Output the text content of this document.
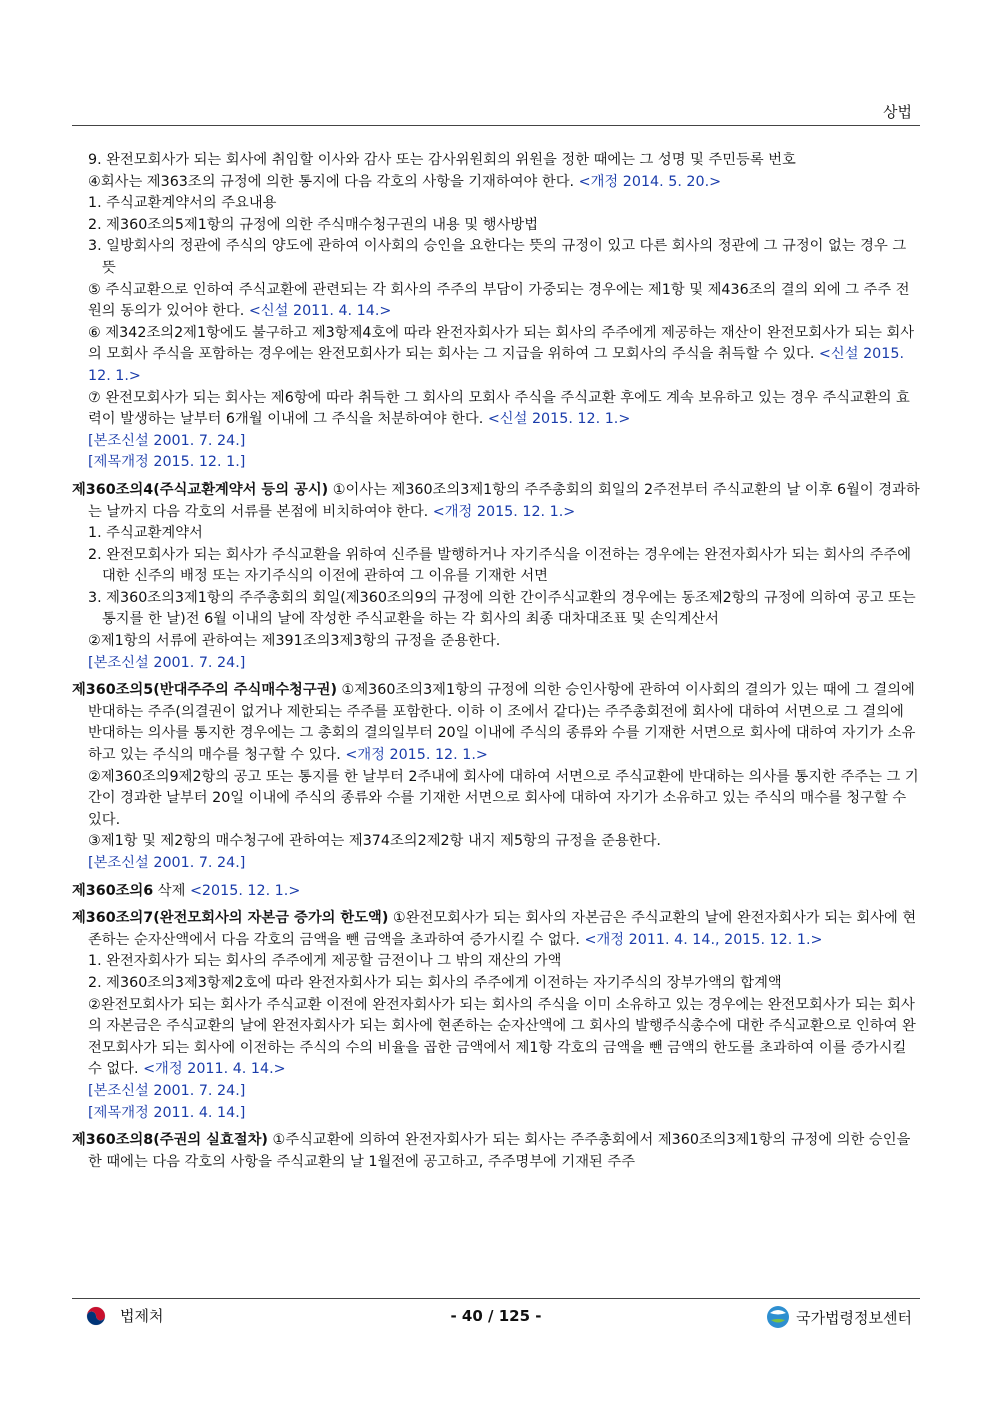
상법

9. 완전모회사가 되는 회사에 취임할 이사와 감사 또는 감사위원회의 위원을 정한 때에는 그 성명 및 주민등록 번호

④회사는 제363조의 규정에 의한 통지에 다음 각호의 사항을 기재하여야 한다. <개정 2014. 5. 20.>

1. 주식교환계약서의 주요내용

2. 제360조의5제1항의 규정에 의한 주식매수청구권의 내용 및 행사방법

3. 일방회사의 정관에 주식의 양도에 관하여 이사회의 승인을 요한다는 뜻의 규정이 있고 다른 회사의 정관에 그 규정이 없는 경우 그 뜻

⑤ 주식교환으로 인하여 주식교환에 관련되는 각 회사의 주주의 부담이 가중되는 경우에는 제1항 및 제436조의 결의 외에 그 주주 전원의 동의가 있어야 한다. <신설 2011. 4. 14.>

⑥ 제342조의2제1항에도 불구하고 제3항제4호에 따라 완전자회사가 되는 회사의 주주에게 제공하는 재산이 완전모회사가 되는 회사의 모회사 주식을 포함하는 경우에는 완전모회사가 되는 회사는 그 지급을 위하여 그 모회사의 주식을 취득할 수 있다. <신설 2015. 12. 1.>

⑦ 완전모회사가 되는 회사는 제6항에 따라 취득한 그 회사의 모회사 주식을 주식교환 후에도 계속 보유하고 있는 경우 주식교환의 효력이 발생하는 날부터 6개월 이내에 그 주식을 처분하여야 한다. <신설 2015. 12. 1.>

[본조신설 2001. 7. 24.]

[제목개정 2015. 12. 1.]

제360조의4(주식교환계약서 등의 공시) ①이사는 제360조의3제1항의 주주총회의 회일의 2주전부터 주식교환의 날 이후 6월이 경과하는 날까지 다음 각호의 서류를 본점에 비치하여야 한다. <개정 2015. 12. 1.>

1. 주식교환계약서

2. 완전모회사가 되는 회사가 주식교환을 위하여 신주를 발행하거나 자기주식을 이전하는 경우에는 완전자회사가 되는 회사의 주주에 대한 신주의 배정 또는 자기주식의 이전에 관하여 그 이유를 기재한 서면

3. 제360조의3제1항의 주주총회의 회일(제360조의9의 규정에 의한 간이주식교환의 경우에는 동조제2항의 규정에 의하여 공고 또는 통지를 한 날)전 6월 이내의 날에 작성한 주식교환을 하는 각 회사의 최종 대차대조표 및 손익계산서

②제1항의 서류에 관하여는 제391조의3제3항의 규정을 준용한다.

[본조신설 2001. 7. 24.]

제360조의5(반대주주의 주식매수청구권) ①제360조의3제1항의 규정에 의한 승인사항에 관하여 이사회의 결의가 있는 때에 그 결의에 반대하는 주주(의결권이 없거나 제한되는 주주를 포함한다. 이하 이 조에서 같다)는 주주총회전에 회사에 대하여 서면으로 그 결의에 반대하는 의사를 통지한 경우에는 그 총회의 결의일부터 20일 이내에 주식의 종류와 수를 기재한 서면으로 회사에 대하여 자기가 소유하고 있는 주식의 매수를 청구할 수 있다. <개정 2015. 12. 1.>

②제360조의9제2항의 공고 또는 통지를 한 날부터 2주내에 회사에 대하여 서면으로 주식교환에 반대하는 의사를 통지한 주주는 그 기간이 경과한 날부터 20일 이내에 주식의 종류와 수를 기재한 서면으로 회사에 대하여 자기가 소유하고 있는 주식의 매수를 청구할 수 있다.

③제1항 및 제2항의 매수청구에 관하여는 제374조의2제2항 내지 제5항의 규정을 준용한다.

[본조신설 2001. 7. 24.]

제360조의6 삭제 <2015. 12. 1.>

제360조의7(완전모회사의 자본금 증가의 한도액) ①완전모회사가 되는 회사의 자본금은 주식교환의 날에 완전자회사가 되는 회사에 현존하는 순자산액에서 다음 각호의 금액을 뺀 금액을 초과하여 증가시킬 수 없다. <개정 2011. 4. 14., 2015. 12. 1.>

1. 완전자회사가 되는 회사의 주주에게 제공할 금전이나 그 밖의 재산의 가액

2. 제360조의3제3항제2호에 따라 완전자회사가 되는 회사의 주주에게 이전하는 자기주식의 장부가액의 합계액

②완전모회사가 되는 회사가 주식교환 이전에 완전자회사가 되는 회사의 주식을 이미 소유하고 있는 경우에는 완전모회사가 되는 회사의 자본금은 주식교환의 날에 완전자회사가 되는 회사에 현존하는 순자산액에 그 회사의 발행주식총수에 대한 주식교환으로 인하여 완전모회사가 되는 회사에 이전하는 주식의 수의 비율을 곱한 금액에서 제1항 각호의 금액을 뺀 금액의 한도를 초과하여 이를 증가시킬 수 없다. <개정 2011. 4. 14.>

[본조신설 2001. 7. 24.]

[제목개정 2011. 4. 14.]

제360조의8(주권의 실효절차) ①주식교환에 의하여 완전자회사가 되는 회사는 주주총회에서 제360조의3제1항의 규정에 의한 승인을 한 때에는 다음 각호의 사항을 주식교환의 날 1월전에 공고하고, 주주명부에 기재된 주주

법제처	- 40 / 125 -	국가법령정보센터
